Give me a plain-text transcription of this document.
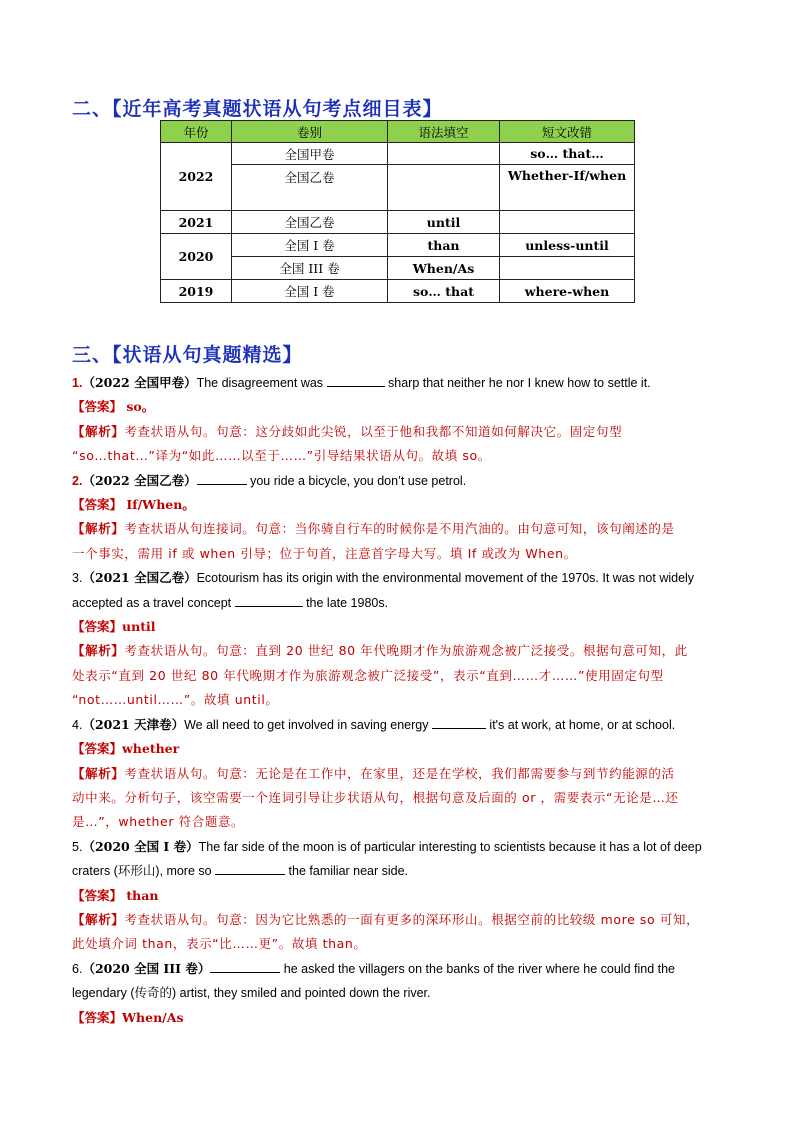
二、【近年高考真题状语从句考点细目表】
年份	卷别	语法填空	短文改错
2022	全国甲卷		so… that…
	全国乙卷		Whether-If/when
2021	全国乙卷	until	
2020	全国 I 卷	than	unless-until
	全国 III 卷	When/As	
2019	全国 I 卷	so… that	where-when
三、【状语从句真题精选】
1.（2022 全国甲卷）The disagreement was	sharp that neither he nor I knew how to settle it.
【答案】 so。
【解析】考查状语从句。句意：这分歧如此尖锐，以至于他和我都不知道如何解决它。固定句型
“so…that…”译为“如此……以至于……”引导结果状语从句。故填 so。
2.（2022 全国乙卷）	you ride a bicycle, you don’t use petrol.
【答案】 If/When。
【解析】考查状语从句连接词。句意：当你骑自行车的时候你是不用汽油的。由句意可知，该句阐述的是
一个事实，需用 if 或 when 引导；位于句首，注意首字母大写。填 If 或改为 When。
3.（2021 全国乙卷）Ecotourism has its origin with the environmental movement of the 1970s. It was not widely
accepted as a travel concept	the late 1980s.
【答案】until
【解析】考查状语从句。句意：直到 20 世纪 80 年代晚期才作为旅游观念被广泛接受。根据句意可知，此
处表示“直到 20 世纪 80 年代晚期才作为旅游观念被广泛接受”，表示“直到……才……”使用固定句型
“not……until……”。故填 until。
4.（2021 天津卷）We all need to get involved in saving energy	it's at work, at home, or at school.
【答案】whether
【解析】考查状语从句。句意：无论是在工作中，在家里，还是在学校，我们都需要参与到节约能源的活
动中来。分析句子，该空需要一个连词引导让步状语从句，根据句意及后面的 or ，需要表示“无论是…还
是…”，whether 符合题意。
5.（2020 全国 I 卷）The far side of the moon is of particular interesting to scientists because it has a lot of deep
craters (环形山), more so	the familiar near side.
【答案】 than
【解析】考查状语从句。句意：因为它比熟悉的一面有更多的深环形山。根据空前的比较级 more so 可知，
此处填介词 than，表示“比……更”。故填 than。
6.（2020 全国 III 卷）	he asked the villagers on the banks of the river where he could find the
legendary (传奇的) artist, they smiled and pointed down the river.
【答案】When/As
